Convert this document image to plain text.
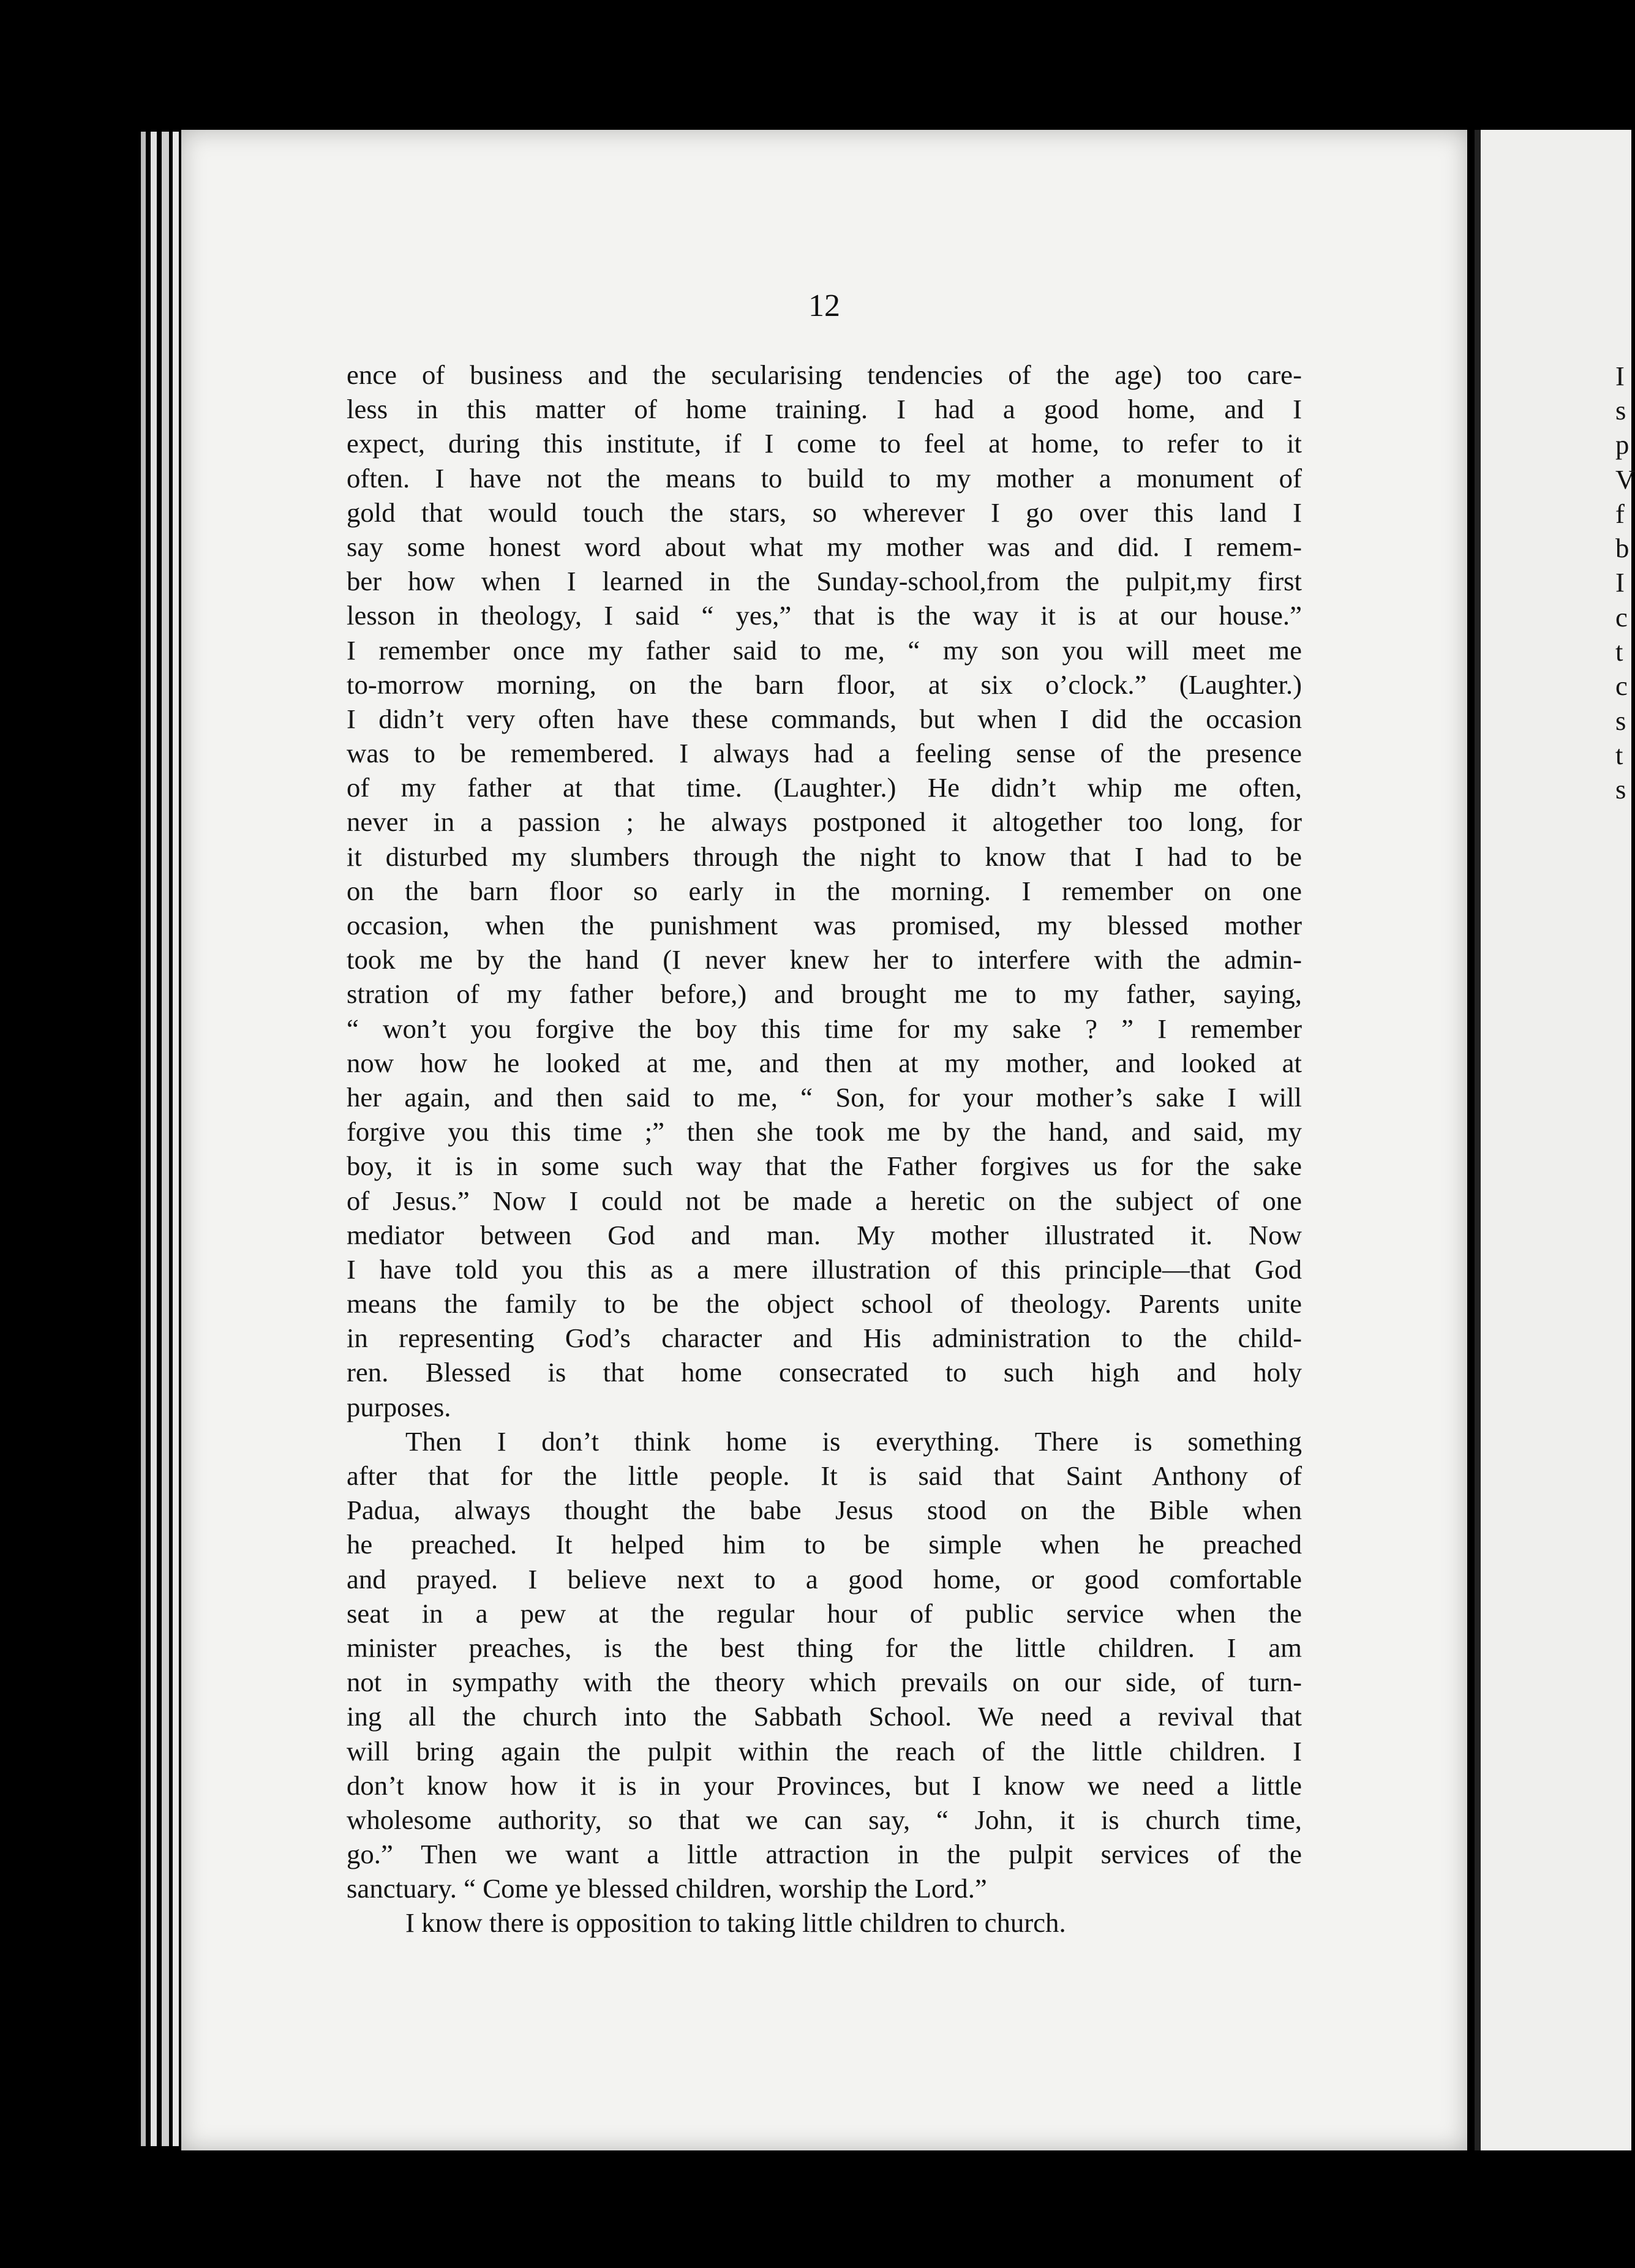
12
ence of business and the secularising tendencies of the age) too care-
less in this matter of home training. I had a good home, and I
expect, during this institute, if I come to feel at home, to refer to it
often. I have not the means to build to my mother a monument of
gold that would touch the stars, so wherever I go over this land I
say some honest word about what my mother was and did. I remem-
ber how when I learned in the Sunday-school,from the pulpit,my first
lesson in theology, I said “ yes,” that is the way it is at our house.”
I remember once my father said to me, “ my son you will meet me
to-morrow morning, on the barn floor, at six o’clock.” (Laughter.)
I didn’t very often have these commands, but when I did the occasion
was to be remembered. I always had a feeling sense of the presence
of my father at that time. (Laughter.) He didn’t whip me often,
never in a passion ; he always postponed it altogether too long, for
it disturbed my slumbers through the night to know that I had to be
on the barn floor so early in the morning. I remember on one
occasion, when the punishment was promised, my blessed mother
took me by the hand (I never knew her to interfere with the admin-
stration of my father before,) and brought me to my father, saying,
“ won’t you forgive the boy this time for my sake ? ” I remember
now how he looked at me, and then at my mother, and looked at
her again, and then said to me, “ Son, for your mother’s sake I will
forgive you this time ;” then she took me by the hand, and said, my
boy, it is in some such way that the Father forgives us for the sake
of Jesus.” Now I could not be made a heretic on the subject of one
mediator between God and man. My mother illustrated it. Now
I have told you this as a mere illustration of this principle—that God
means the family to be the object school of theology. Parents unite
in representing God’s character and His administration to the child-
ren. Blessed is that home consecrated to such high and holy
purposes.
Then I don’t think home is everything. There is something
after that for the little people. It is said that Saint Anthony of
Padua, always thought the babe Jesus stood on the Bible when
he preached. It helped him to be simple when he preached
and prayed. I believe next to a good home, or good comfortable
seat in a pew at the regular hour of public service when the
minister preaches, is the best thing for the little children. I am
not in sympathy with the theory which prevails on our side, of turn-
ing all the church into the Sabbath School. We need a revival that
will bring again the pulpit within the reach of the little children. I
don’t know how it is in your Provinces, but I know we need a little
wholesome authority, so that we can say, “ John, it is church time,
go.” Then we want a little attraction in the pulpit services of the
sanctuary. “ Come ye blessed children, worship the Lord.”
I know there is opposition to taking little children to church.
I
s
p
V
f
b
I
c
t
c
s
t
s
